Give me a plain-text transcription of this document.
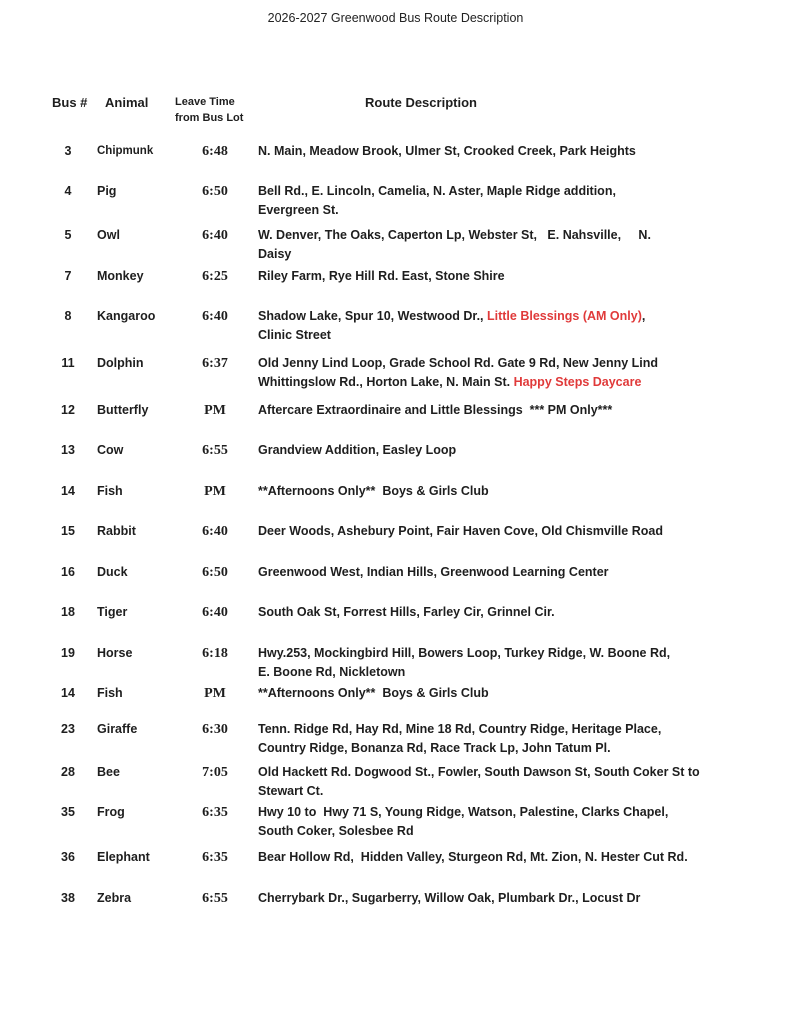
2026-2027 Greenwood Bus Route Description
Bus # Animal Leave Time
from Bus Lot
Route Description
3	Chipmunk	6:48	N. Main, Meadow Brook, Ulmer St, Crooked Creek, Park Heights
4	Pig	6:50	Bell Rd., E. Lincoln, Camelia, N. Aster, Maple Ridge addition,
Evergreen St.
5	Owl	6:40	W. Denver, The Oaks, Caperton Lp, Webster St,   E. Nahsville,     N.
Daisy
7	Monkey	6:25	Riley Farm, Rye Hill Rd. East, Stone Shire
8	Kangaroo	6:40	Shadow Lake, Spur 10, Westwood Dr., Little Blessings (AM Only),
Clinic Street
11	Dolphin	6:37	Old Jenny Lind Loop, Grade School Rd. Gate 9 Rd, New Jenny Lind
Whittingslow Rd., Horton Lake, N. Main St. Happy Steps Daycare
12	Butterfly	PM	Aftercare Extraordinaire and Little Blessings  *** PM Only***
13	Cow	6:55	Grandview Addition, Easley Loop
14	Fish	PM	**Afternoons Only**  Boys & Girls Club
15	Rabbit	6:40	Deer Woods, Ashebury Point, Fair Haven Cove, Old Chismville Road
16	Duck	6:50	Greenwood West, Indian Hills, Greenwood Learning Center
18	Tiger	6:40	South Oak St, Forrest Hills, Farley Cir, Grinnel Cir.
19	Horse	6:18	Hwy.253, Mockingbird Hill, Bowers Loop, Turkey Ridge, W. Boone Rd,
E. Boone Rd, Nickletown
14	Fish	PM	**Afternoons Only**  Boys & Girls Club
23	Giraffe	6:30	Tenn. Ridge Rd, Hay Rd, Mine 18 Rd, Country Ridge, Heritage Place,
Country Ridge, Bonanza Rd, Race Track Lp, John Tatum Pl.
28	Bee	7:05	Old Hackett Rd. Dogwood St., Fowler, South Dawson St, South Coker St to
Stewart Ct.
35	Frog	6:35	Hwy 10 to  Hwy 71 S, Young Ridge, Watson, Palestine, Clarks Chapel,
South Coker, Solesbee Rd
36	Elephant	6:35	Bear Hollow Rd,  Hidden Valley, Sturgeon Rd, Mt. Zion, N. Hester Cut Rd.
38	Zebra	6:55	Cherrybark Dr., Sugarberry, Willow Oak, Plumbark Dr., Locust Dr
